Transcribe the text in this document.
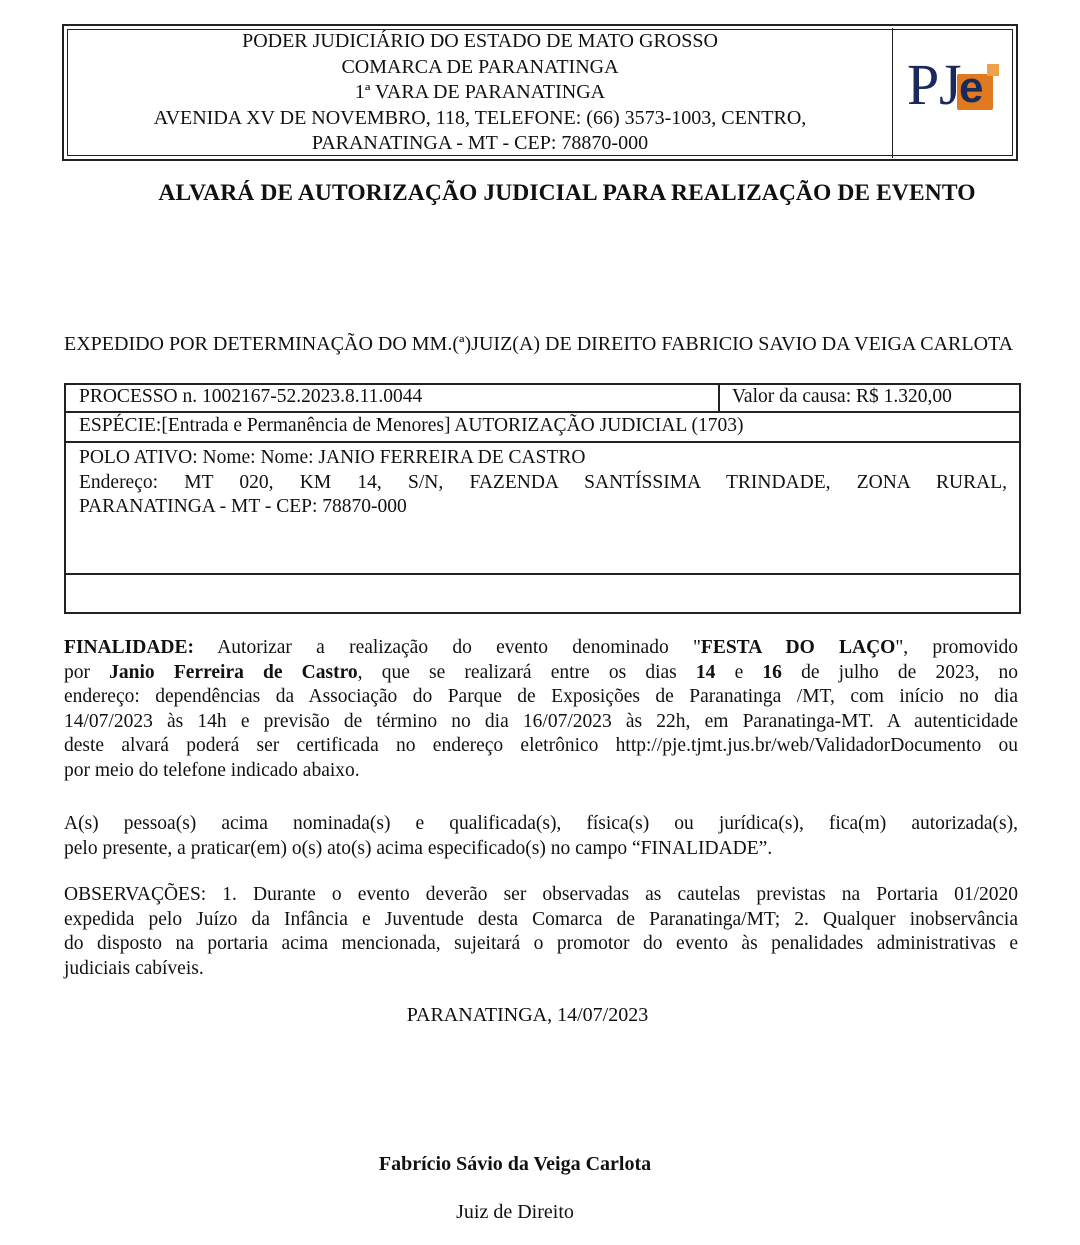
PODER JUDICIÁRIO DO ESTADO DE MATO GROSSO
COMARCA DE PARANATINGA
1ª VARA DE PARANATINGA
AVENIDA XV DE NOVEMBRO, 118, TELEFONE: (66) 3573-1003, CENTRO,
PARANATINGA - MT - CEP: 78870-000
P J
e
ALVARÁ DE AUTORIZAÇÃO JUDICIAL PARA REALIZAÇÃO DE EVENTO
EXPEDIDO POR DETERMINAÇÃO DO MM.(ª)JUIZ(A) DE DIREITO FABRICIO SAVIO DA VEIGA CARLOTA
PROCESSO n. 1002167-52.2023.8.11.0044	Valor da causa: R$ 1.320,00
ESPÉCIE:[Entrada e Permanência de Menores] AUTORIZAÇÃO JUDICIAL (1703)
POLO ATIVO: Nome: Nome: JANIO FERREIRA DE CASTRO
Endereço: MT 020, KM 14, S/N, FAZENDA SANTÍSSIMA TRINDADE, ZONA RURAL,
PARANATINGA - MT - CEP: 78870-000
FINALIDADE: Autorizar a realização do evento denominado "FESTA DO LAÇO", promovido
por Janio Ferreira de Castro, que se realizará entre os dias 14 e 16 de julho de 2023, no
endereço: dependências da Associação do Parque de Exposições de Paranatinga /MT, com início no dia
14/07/2023 às 14h e previsão de término no dia 16/07/2023 às 22h, em Paranatinga-MT. A autenticidade
deste alvará poderá ser certificada no endereço eletrônico http://pje.tjmt.jus.br/web/ValidadorDocumento ou
por meio do telefone indicado abaixo.
A(s) pessoa(s) acima nominada(s) e qualificada(s), física(s) ou jurídica(s), fica(m) autorizada(s),
pelo presente, a praticar(em) o(s) ato(s) acima especificado(s) no campo “FINALIDADE”.
OBSERVAÇÕES: 1. Durante o evento deverão ser observadas as cautelas previstas na Portaria 01/2020
expedida pelo Juízo da Infância e Juventude desta Comarca de Paranatinga/MT; 2. Qualquer inobservância
do disposto na portaria acima mencionada, sujeitará o promotor do evento às penalidades administrativas e
judiciais cabíveis.
PARANATINGA, 14/07/2023
Fabrício Sávio da Veiga Carlota
Juiz de Direito
